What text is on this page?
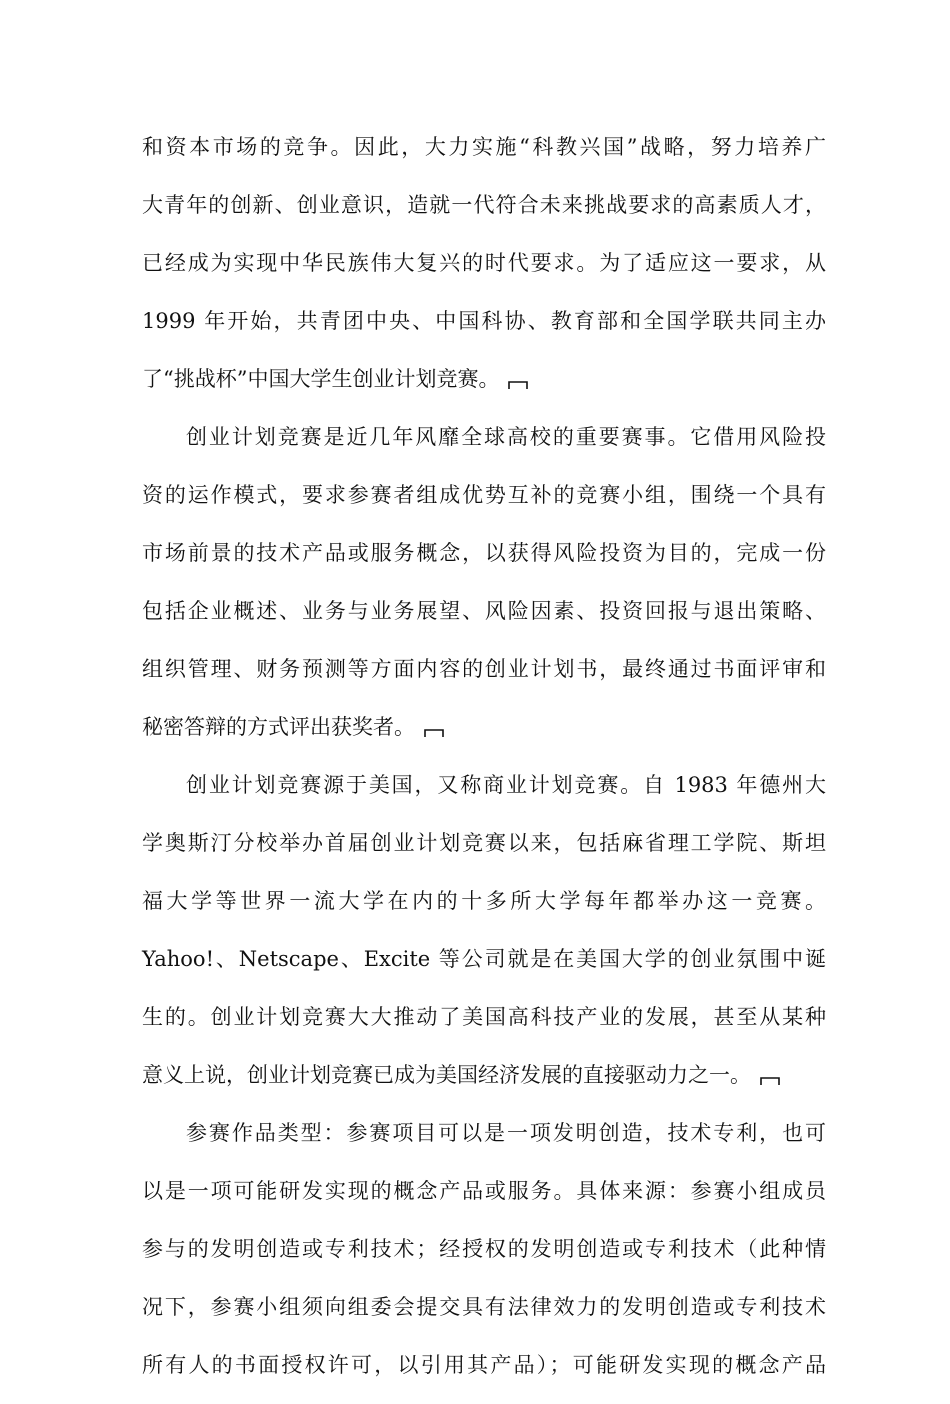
和资本市场的竞争。因此，大力实施“科教兴国”战略，努力培养广
大青年的创新、创业意识，造就一代符合未来挑战要求的高素质人才，
已经成为实现中华民族伟大复兴的时代要求。为了适应这一要求，从
1999 年开始，共青团中央、中国科协、教育部和全国学联共同主办
了“挑战杯”中国大学生创业计划竞赛。
创业计划竞赛是近几年风靡全球高校的重要赛事。它借用风险投
资的运作模式，要求参赛者组成优势互补的竞赛小组，围绕一个具有
市场前景的技术产品或服务概念，以获得风险投资为目的，完成一份
包括企业概述、业务与业务展望、风险因素、投资回报与退出策略、
组织管理、财务预测等方面内容的创业计划书，最终通过书面评审和
秘密答辩的方式评出获奖者。
创业计划竞赛源于美国，又称商业计划竞赛。自 1983 年德州大
学奥斯汀分校举办首届创业计划竞赛以来，包括麻省理工学院、斯坦
福大学等世界一流大学在内的十多所大学每年都举办这一竞赛。
Yahoo!、Netscape、Excite 等公司就是在美国大学的创业氛围中诞
生的。创业计划竞赛大大推动了美国高科技产业的发展，甚至从某种
意义上说，创业计划竞赛已成为美国经济发展的直接驱动力之一。
参赛作品类型：参赛项目可以是一项发明创造，技术专利，也可
以是一项可能研发实现的概念产品或服务。具体来源：参赛小组成员
参与的发明创造或专利技术；经授权的发明创造或专利技术（此种情
况下，参赛小组须向组委会提交具有法律效力的发明创造或专利技术
所有人的书面授权许可，以引用其产品）；可能研发实现的概念产品
